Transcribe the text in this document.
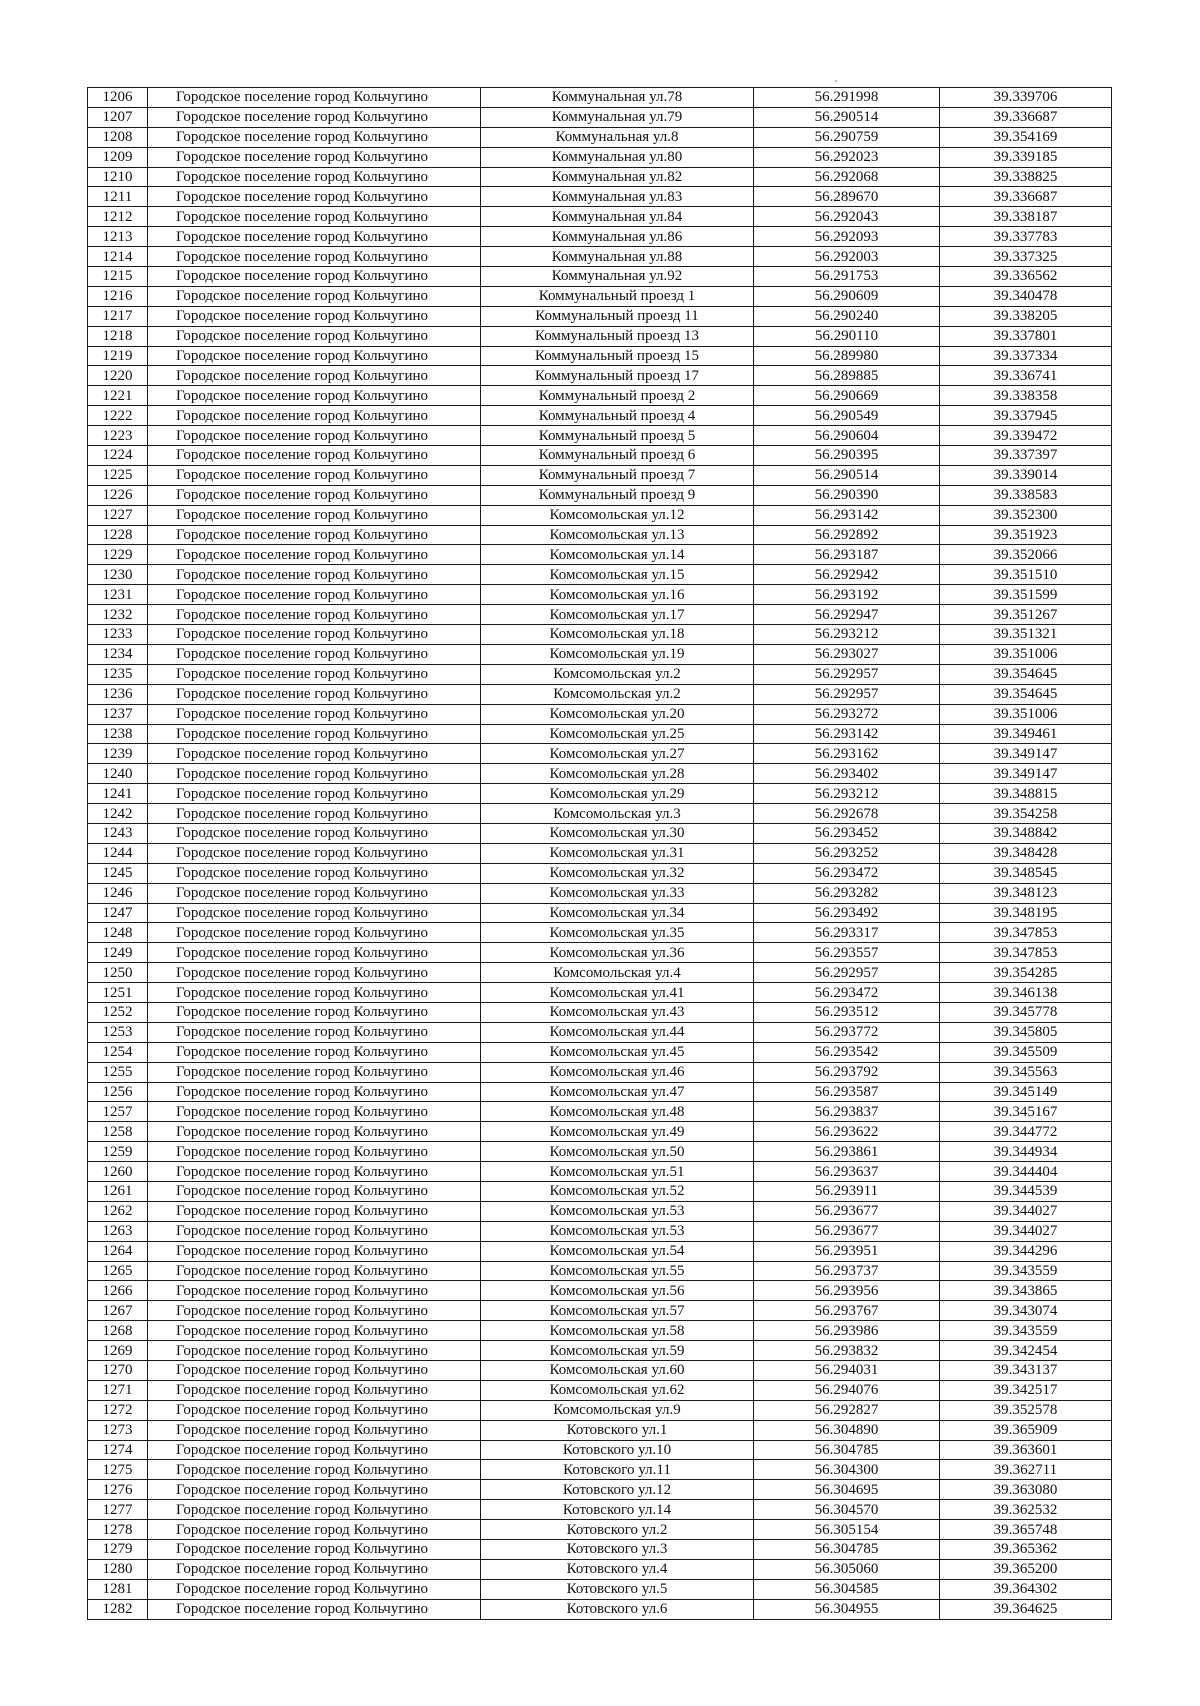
1206	Городское поселение город Кольчугино	Коммунальная ул.78	56.291998	39.339706
1207	Городское поселение город Кольчугино	Коммунальная ул.79	56.290514	39.336687
1208	Городское поселение город Кольчугино	Коммунальная ул.8	56.290759	39.354169
1209	Городское поселение город Кольчугино	Коммунальная ул.80	56.292023	39.339185
1210	Городское поселение город Кольчугино	Коммунальная ул.82	56.292068	39.338825
1211	Городское поселение город Кольчугино	Коммунальная ул.83	56.289670	39.336687
1212	Городское поселение город Кольчугино	Коммунальная ул.84	56.292043	39.338187
1213	Городское поселение город Кольчугино	Коммунальная ул.86	56.292093	39.337783
1214	Городское поселение город Кольчугино	Коммунальная ул.88	56.292003	39.337325
1215	Городское поселение город Кольчугино	Коммунальная ул.92	56.291753	39.336562
1216	Городское поселение город Кольчугино	Коммунальный проезд 1	56.290609	39.340478
1217	Городское поселение город Кольчугино	Коммунальный проезд 11	56.290240	39.338205
1218	Городское поселение город Кольчугино	Коммунальный проезд 13	56.290110	39.337801
1219	Городское поселение город Кольчугино	Коммунальный проезд 15	56.289980	39.337334
1220	Городское поселение город Кольчугино	Коммунальный проезд 17	56.289885	39.336741
1221	Городское поселение город Кольчугино	Коммунальный проезд 2	56.290669	39.338358
1222	Городское поселение город Кольчугино	Коммунальный проезд 4	56.290549	39.337945
1223	Городское поселение город Кольчугино	Коммунальный проезд 5	56.290604	39.339472
1224	Городское поселение город Кольчугино	Коммунальный проезд 6	56.290395	39.337397
1225	Городское поселение город Кольчугино	Коммунальный проезд 7	56.290514	39.339014
1226	Городское поселение город Кольчугино	Коммунальный проезд 9	56.290390	39.338583
1227	Городское поселение город Кольчугино	Комсомольская ул.12	56.293142	39.352300
1228	Городское поселение город Кольчугино	Комсомольская ул.13	56.292892	39.351923
1229	Городское поселение город Кольчугино	Комсомольская ул.14	56.293187	39.352066
1230	Городское поселение город Кольчугино	Комсомольская ул.15	56.292942	39.351510
1231	Городское поселение город Кольчугино	Комсомольская ул.16	56.293192	39.351599
1232	Городское поселение город Кольчугино	Комсомольская ул.17	56.292947	39.351267
1233	Городское поселение город Кольчугино	Комсомольская ул.18	56.293212	39.351321
1234	Городское поселение город Кольчугино	Комсомольская ул.19	56.293027	39.351006
1235	Городское поселение город Кольчугино	Комсомольская ул.2	56.292957	39.354645
1236	Городское поселение город Кольчугино	Комсомольская ул.2	56.292957	39.354645
1237	Городское поселение город Кольчугино	Комсомольская ул.20	56.293272	39.351006
1238	Городское поселение город Кольчугино	Комсомольская ул.25	56.293142	39.349461
1239	Городское поселение город Кольчугино	Комсомольская ул.27	56.293162	39.349147
1240	Городское поселение город Кольчугино	Комсомольская ул.28	56.293402	39.349147
1241	Городское поселение город Кольчугино	Комсомольская ул.29	56.293212	39.348815
1242	Городское поселение город Кольчугино	Комсомольская ул.3	56.292678	39.354258
1243	Городское поселение город Кольчугино	Комсомольская ул.30	56.293452	39.348842
1244	Городское поселение город Кольчугино	Комсомольская ул.31	56.293252	39.348428
1245	Городское поселение город Кольчугино	Комсомольская ул.32	56.293472	39.348545
1246	Городское поселение город Кольчугино	Комсомольская ул.33	56.293282	39.348123
1247	Городское поселение город Кольчугино	Комсомольская ул.34	56.293492	39.348195
1248	Городское поселение город Кольчугино	Комсомольская ул.35	56.293317	39.347853
1249	Городское поселение город Кольчугино	Комсомольская ул.36	56.293557	39.347853
1250	Городское поселение город Кольчугино	Комсомольская ул.4	56.292957	39.354285
1251	Городское поселение город Кольчугино	Комсомольская ул.41	56.293472	39.346138
1252	Городское поселение город Кольчугино	Комсомольская ул.43	56.293512	39.345778
1253	Городское поселение город Кольчугино	Комсомольская ул.44	56.293772	39.345805
1254	Городское поселение город Кольчугино	Комсомольская ул.45	56.293542	39.345509
1255	Городское поселение город Кольчугино	Комсомольская ул.46	56.293792	39.345563
1256	Городское поселение город Кольчугино	Комсомольская ул.47	56.293587	39.345149
1257	Городское поселение город Кольчугино	Комсомольская ул.48	56.293837	39.345167
1258	Городское поселение город Кольчугино	Комсомольская ул.49	56.293622	39.344772
1259	Городское поселение город Кольчугино	Комсомольская ул.50	56.293861	39.344934
1260	Городское поселение город Кольчугино	Комсомольская ул.51	56.293637	39.344404
1261	Городское поселение город Кольчугино	Комсомольская ул.52	56.293911	39.344539
1262	Городское поселение город Кольчугино	Комсомольская ул.53	56.293677	39.344027
1263	Городское поселение город Кольчугино	Комсомольская ул.53	56.293677	39.344027
1264	Городское поселение город Кольчугино	Комсомольская ул.54	56.293951	39.344296
1265	Городское поселение город Кольчугино	Комсомольская ул.55	56.293737	39.343559
1266	Городское поселение город Кольчугино	Комсомольская ул.56	56.293956	39.343865
1267	Городское поселение город Кольчугино	Комсомольская ул.57	56.293767	39.343074
1268	Городское поселение город Кольчугино	Комсомольская ул.58	56.293986	39.343559
1269	Городское поселение город Кольчугино	Комсомольская ул.59	56.293832	39.342454
1270	Городское поселение город Кольчугино	Комсомольская ул.60	56.294031	39.343137
1271	Городское поселение город Кольчугино	Комсомольская ул.62	56.294076	39.342517
1272	Городское поселение город Кольчугино	Комсомольская ул.9	56.292827	39.352578
1273	Городское поселение город Кольчугино	Котовского ул.1	56.304890	39.365909
1274	Городское поселение город Кольчугино	Котовского ул.10	56.304785	39.363601
1275	Городское поселение город Кольчугино	Котовского ул.11	56.304300	39.362711
1276	Городское поселение город Кольчугино	Котовского ул.12	56.304695	39.363080
1277	Городское поселение город Кольчугино	Котовского ул.14	56.304570	39.362532
1278	Городское поселение город Кольчугино	Котовского ул.2	56.305154	39.365748
1279	Городское поселение город Кольчугино	Котовского ул.3	56.304785	39.365362
1280	Городское поселение город Кольчугино	Котовского ул.4	56.305060	39.365200
1281	Городское поселение город Кольчугино	Котовского ул.5	56.304585	39.364302
1282	Городское поселение город Кольчугино	Котовского ул.6	56.304955	39.364625
